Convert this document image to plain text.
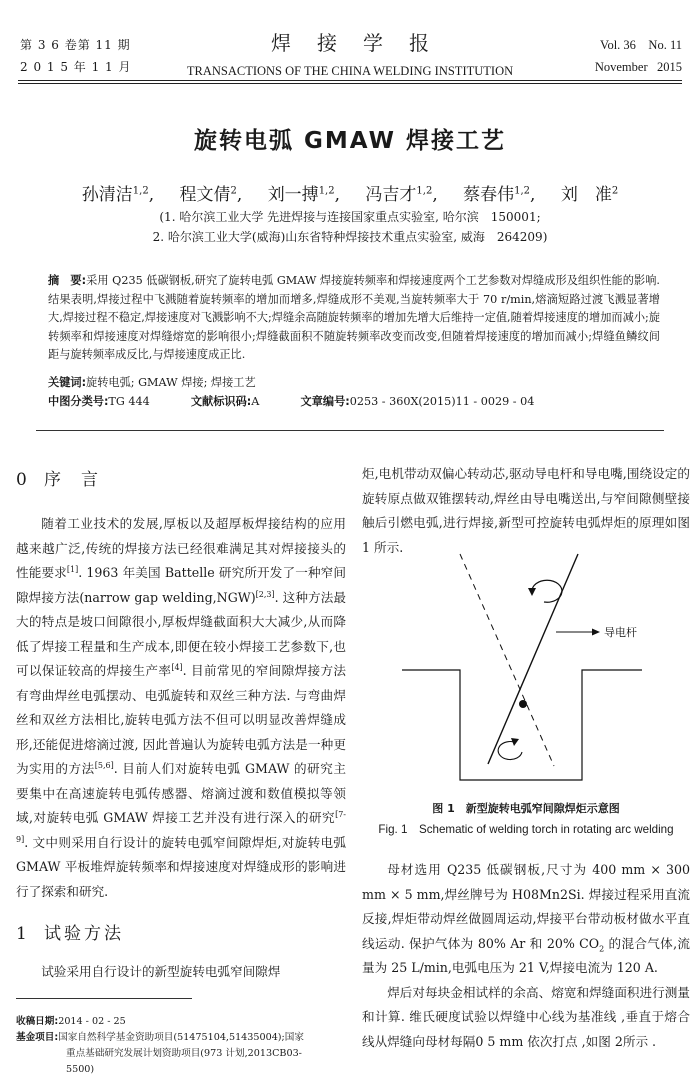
第 3 6 卷第 11 期
2 0 1 5 年 1 1 月
焊接学报
TRANSACTIONS OF THE CHINA WELDING INSTITUTION
Vol. 36    No. 11
November   2015
旋转电弧 GMAW 焊接工艺
孙清洁$^{1,2}$, 程文倩$^2$, 刘一搏$^{1,2}$, 冯吉才$^{1,2}$, 蔡春伟$^{1,2}$, 刘　准$^2$
(1. 哈尔滨工业大学 先进焊接与连接国家重点实验室, 哈尔滨　150001;
2. 哈尔滨工业大学(威海)山东省特种焊接技术重点实验室, 威海　264209)
摘　要:采用 Q235 低碳钢板,研究了旋转电弧 GMAW 焊接旋转频率和焊接速度两个工艺参数对焊缝成形及组织性能的影响. 结果表明,焊接过程中飞溅随着旋转频率的增加而增多,焊缝成形不美观,当旋转频率大于 70 r/min,熔滴短路过渡飞溅显著增大,焊接过程不稳定,焊接速度对飞溅影响不大;焊缝余高随旋转频率的增加先增大后维持一定值,随着焊接速度的增加而减小;旋转频率和焊接速度对焊缝熔宽的影响很小;焊缝截面积不随旋转频率改变而改变,但随着焊接速度的增加而减小;焊缝鱼鳞纹间距与旋转频率成反比,与焊接速度成正比.
关键词:旋转电弧; GMAW 焊接; 焊接工艺
中图分类号:TG 444	文献标识码:A	文章编号:0253 - 360X(2015)11 - 0029 - 04
0 序言
随着工业技术的发展,厚板以及超厚板焊接结构的应用越来越广泛,传统的焊接方法已经很难满足其对焊接接头的性能要求[1]. 1963 年美国 Battelle 研究所开发了一种窄间隙焊接方法(narrow gap welding,NGW)[2,3]. 这种方法最大的特点是坡口间隙很小,厚板焊缝截面积大大减少,从而降低了焊接工程量和生产成本,即便在较小焊接工艺参数下,也可以保证较高的焊接生产率[4]. 目前常见的窄间隙焊接方法有弯曲焊丝电弧摆动、电弧旋转和双丝三种方法. 与弯曲焊丝和双丝方法相比,旋转电弧方法不但可以明显改善焊缝成形,还能促进熔滴过渡, 因此普遍认为旋转电弧方法是一种更为实用的方法[5,6]. 目前人们对旋转电弧 GMAW 的研究主要集中在高速旋转电弧传感器、熔滴过渡和数值模拟等领域,对旋转电弧 GMAW 焊接工艺并没有进行深入的研究[7-9]. 文中则采用自行设计的旋转电弧窄间隙焊炬,对旋转电弧 GMAW 平板堆焊旋转频率和焊接速度对焊缝成形的影响进行了探索和研究.
1 试验方法
试验采用自行设计的新型旋转电弧窄间隙焊
炬,电机带动双偏心转动芯,驱动导电杆和导电嘴,围绕设定的旋转原点做双锥摆转动,焊丝由导电嘴送出,与窄间隙侧壁接触后引燃电弧,进行焊接,新型可控旋转电弧焊炬的原理如图 1 所示.
导电杆
图 1　新型旋转电弧窄间隙焊炬示意图
Fig. 1　Schematic of welding torch in rotating arc welding
母材选用 Q235 低碳钢板,尺寸为 400 mm × 300 mm × 5 mm,焊丝牌号为 H08Mn2Si. 焊接过程采用直流反接,焊炬带动焊丝做圆周运动,焊接平台带动板材做水平直线运动. 保护气体为 80% Ar 和 20% $CO_2$ 的混合气体,流量为 25 L/min,电弧电压为 21 V,焊接电流为 120 A.
焊后对每块金相试样的余高、熔宽和焊缝面积进行测量和计算. 维氏硬度试验以焊缝中心线为基准线 ,垂直于熔合线从焊缝向母材每隔0 5 mm 依次打点 ,如图 2所示 .
收稿日期:2014 - 02 - 25
基金项目:国家自然科学基金资助项目(51475104,51435004);国家
重点基础研究发展计划资助项目(973 计划,2013CB03-
5500)
